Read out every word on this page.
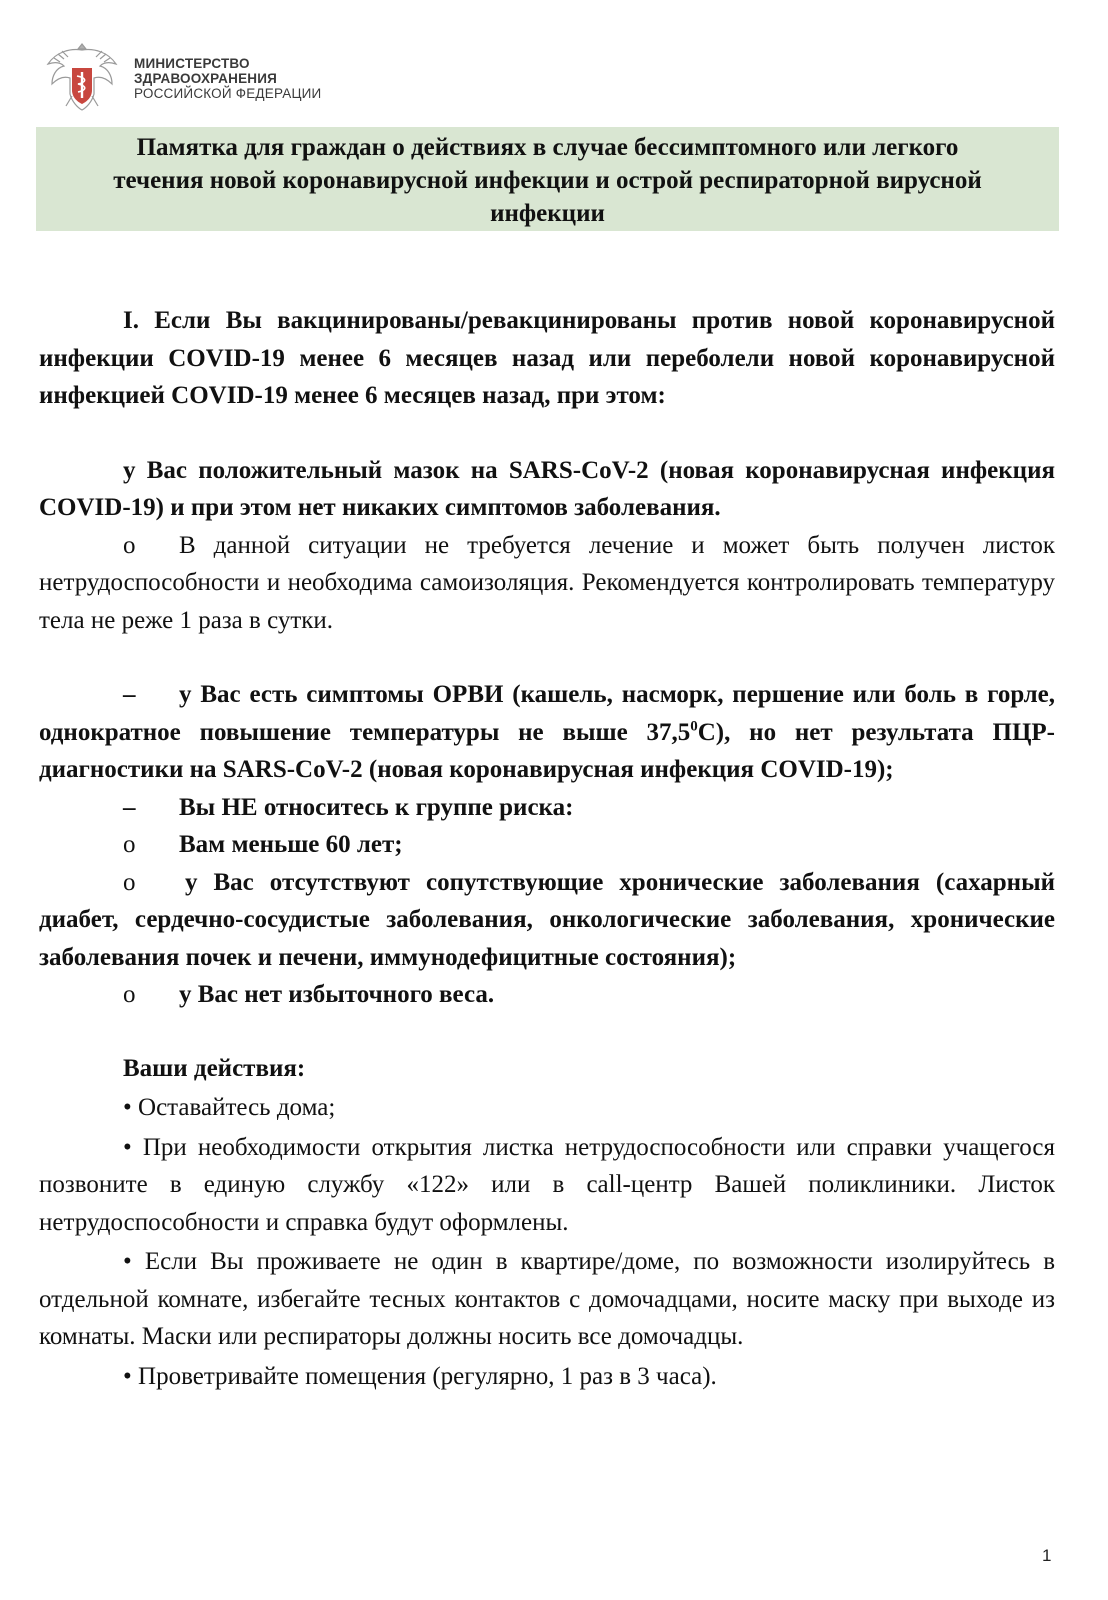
МИНИСТЕРСТВО
ЗДРАВООХРАНЕНИЯ
РОССИЙСКОЙ ФЕДЕРАЦИИ
Памятка для граждан о действиях в случае бессимптомного или легкого
течения новой коронавирусной инфекции и острой респираторной вирусной
инфекции

I. Если Вы вакцинированы/ревакцинированы против новой коронавирусной инфекции COVID-19 менее 6 месяцев назад или переболели новой коронавирусной инфекцией COVID-19 менее 6 месяцев назад, при этом:

у Вас положительный мазок на SARS-CoV-2 (новая коронавирусная инфекция COVID-19) и при этом нет никаких симптомов заболевания.

o В данной ситуации не требуется лечение и может быть получен листок нетрудоспособности и необходима самоизоляция. Рекомендуется контролировать температуру тела не реже 1 раза в сутки.

– у Вас есть симптомы ОРВИ (кашель, насморк, першение или боль в горле, однократное повышение температуры не выше 37,5$^0$С), но нет результата ПЦР-диагностики на SARS-CoV-2 (новая коронавирусная инфекция COVID-19);

– Вы НЕ относитесь к группе риска:

o Вам меньше 60 лет;

o у Вас отсутствуют сопутствующие хронические заболевания (сахарный диабет, сердечно-сосудистые заболевания, онкологические заболевания, хронические заболевания почек и печени, иммунодефицитные состояния);

o у Вас нет избыточного веса.

Ваши действия:

• Оставайтесь дома;

• При необходимости открытия листка нетрудоспособности или справки учащегося позвоните в единую службу «122» или в call-центр Вашей поликлиники. Листок нетрудоспособности и справка будут оформлены.

• Если Вы проживаете не один в квартире/доме, по возможности изолируйтесь в отдельной комнате, избегайте тесных контактов с домочадцами, носите маску при выходе из комнаты. Маски или респираторы должны носить все домочадцы.

• Проветривайте помещения (регулярно, 1 раз в 3 часа).

1
